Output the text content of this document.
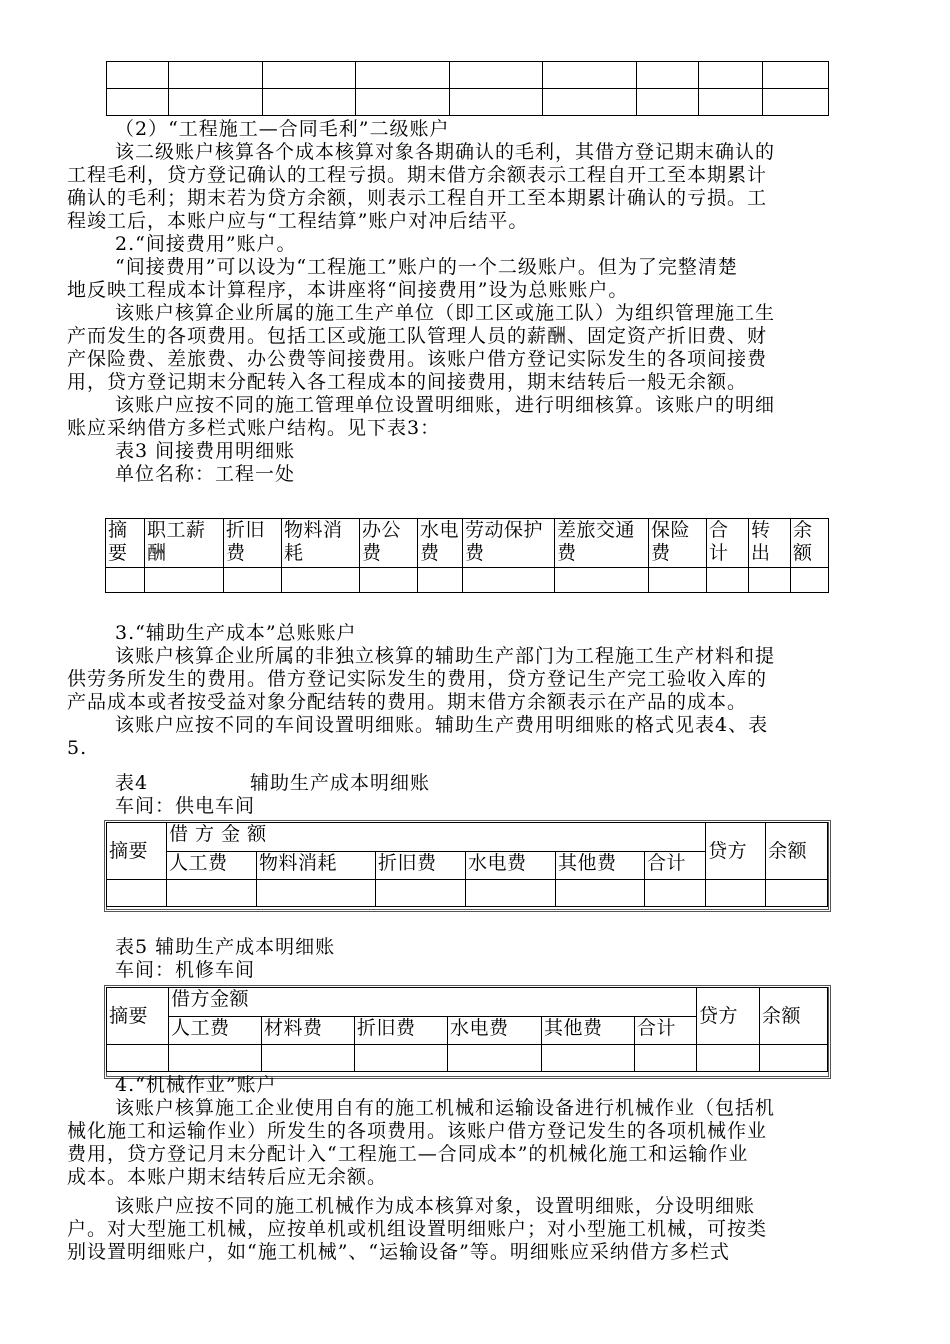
（2）“工程施工—合同毛利”二级账户
该二级账户核算各个成本核算对象各期确认的毛利，其借方登记期末确认的
工程毛利，贷方登记确认的工程亏损。期末借方余额表示工程自开工至本期累计
确认的毛利；期末若为贷方余额，则表示工程自开工至本期累计确认的亏损。工
程竣工后，本账户应与“工程结算”账户对冲后结平。
2.“间接费用”账户。
“间接费用”可以设为“工程施工”账户的一个二级账户。但为了完整清楚
地反映工程成本计算程序，本讲座将“间接费用”设为总账账户。
该账户核算企业所属的施工生产单位（即工区或施工队）为组织管理施工生
产而发生的各项费用。包括工区或施工队管理人员的薪酬、固定资产折旧费、财
产保险费、差旅费、办公费等间接费用。该账户借方登记实际发生的各项间接费
用，贷方登记期末分配转入各工程成本的间接费用，期末结转后一般无余额。
该账户应按不同的施工管理单位设置明细账，进行明细核算。该账户的明细
账应采纳借方多栏式账户结构。见下表3：
表3 间接费用明细账
单位名称：工程一处
摘要	职工薪酬	折旧费	物料消耗	办公费	水电费	劳动保护费	差旅交通费	保险费	合计	转出	余额

3.“辅助生产成本”总账账户
该账户核算企业所属的非独立核算的辅助生产部门为工程施工生产材料和提
供劳务所发生的费用。借方登记实际发生的费用，贷方登记生产完工验收入库的
产品成本或者按受益对象分配结转的费用。期末借方余额表示在产品的成本。
该账户应按不同的车间设置明细账。辅助生产费用明细账的格式见表4、表
5.
表4	辅助生产成本明细账
车间：供电车间
摘要	借 方 金 额						贷方	余额
	人工费	物料消耗	折旧费	水电费	其他费	合计		

表5 辅助生产成本明细账
车间：机修车间
摘要	借方金额						贷方	余额
	人工费	材料费	折旧费	水电费	其他费	合计		

4.“机械作业”账户
该账户核算施工企业使用自有的施工机械和运输设备进行机械作业（包括机
械化施工和运输作业）所发生的各项费用。该账户借方登记发生的各项机械作业
费用，贷方登记月末分配计入“工程施工—合同成本”的机械化施工和运输作业
成本。本账户期末结转后应无余额。
该账户应按不同的施工机械作为成本核算对象，设置明细账，分设明细账
户。对大型施工机械，应按单机或机组设置明细账户；对小型施工机械，可按类
别设置明细账户，如“施工机械”、“运输设备”等。明细账应采纳借方多栏式
